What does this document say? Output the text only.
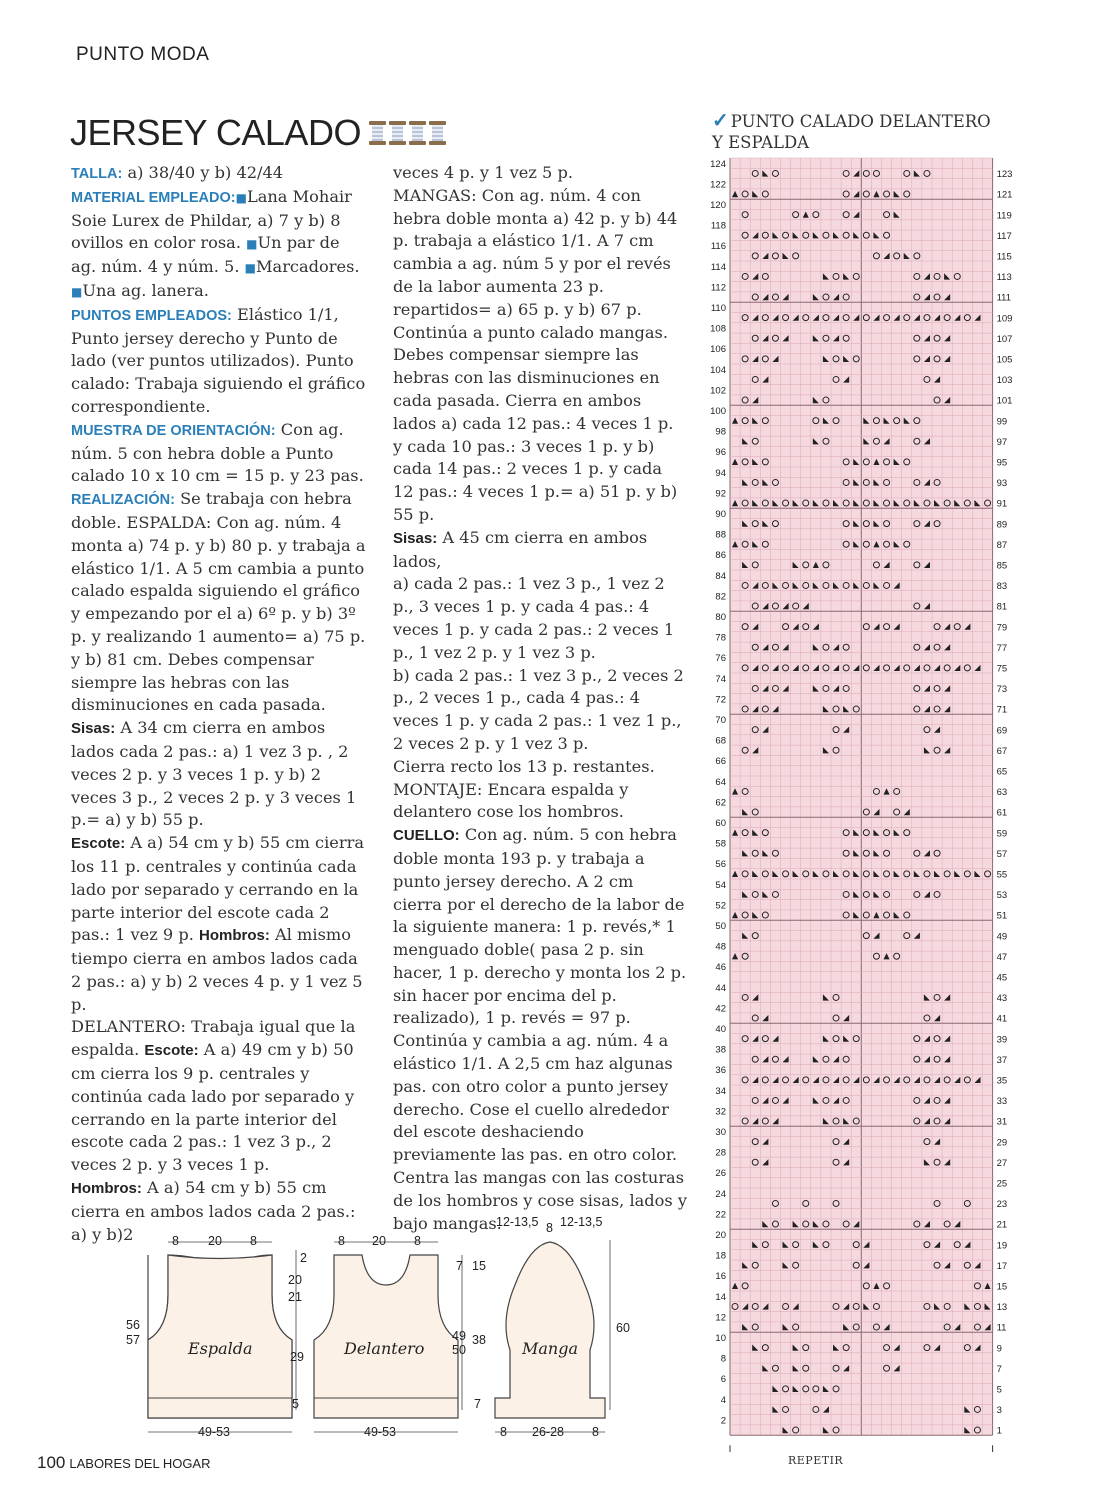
PUNTO MODA
JERSEY CALADO

TALLA: a) 38/40 y b) 42/44

MATERIAL EMPLEADO:■Lana Mohair Soie Lurex de Phildar, a) 7 y b) 8 ovillos en color rosa. ■Un par de ag. núm. 4 y núm. 5. ■Marcadores. ■Una ag. lanera.

PUNTOS EMPLEADOS: Elástico 1/1, Punto jersey derecho y Punto de lado (ver puntos utilizados). Punto calado: Trabaja siguiendo el gráfico correspondiente.

MUESTRA DE ORIENTACIÓN: Con ag. núm. 5 con hebra doble a Punto calado 10 x 10 cm = 15 p. y 23 pas.

REALIZACIÓN: Se trabaja con hebra doble. ESPALDA: Con ag. núm. 4 monta a) 74 p. y b) 80 p. y trabaja a elástico 1/1. A 5 cm cambia a punto calado espalda siguiendo el gráfico y empezando por el a) 6º p. y b) 3º p. y realizando 1 aumento= a) 75 p. y b) 81 cm. Debes compensar siempre las hebras con las disminuciones en cada pasada.

Sisas: A 34 cm cierra en ambos lados cada 2 pas.: a) 1 vez 3 p. , 2 veces 2 p. y 3 veces 1 p. y b) 2 veces 3 p., 2 veces 2 p. y 3 veces 1 p.= a) y b) 55 p.

Escote: A a) 54 cm y b) 55 cm cierra los 11 p. centrales y continúa cada lado por separado y cerrando en la parte interior del escote cada 2 pas.: 1 vez 9 p. Hombros: Al mismo tiempo cierra en ambos lados cada 2 pas.: a) y b) 2 veces 4 p. y 1 vez 5 p.

DELANTERO: Trabaja igual que la espalda. Escote: A a) 49 cm y b) 50 cm cierra los 9 p. centrales y continúa cada lado por separado y cerrando en la parte interior del escote cada 2 pas.: 1 vez 3 p., 2 veces 2 p. y 3 veces 1 p.

Hombros: A a) 54 cm y b) 55 cm cierra en ambos lados cada 2 pas.: a) y b)2

veces 4 p. y 1 vez 5 p.

MANGAS: Con ag. núm. 4 con hebra doble monta a) 42 p. y b) 44 p. trabaja a elástico 1/1. A 7 cm cambia a ag. núm 5 y por el revés de la labor aumenta 23 p. repartidos= a) 65 p. y b) 67 p. Continúa a punto calado mangas. Debes compensar siempre las hebras con las disminuciones en cada pasada. Cierra en ambos lados a) cada 12 pas.: 4 veces 1 p. y cada 10 pas.: 3 veces 1 p. y b) cada 14 pas.: 2 veces 1 p. y cada 12 pas.: 4 veces 1 p.= a) 51 p. y b) 55 p.

Sisas: A 45 cm cierra en ambos lados,

a) cada 2 pas.: 1 vez 3 p., 1 vez 2 p., 3 veces 1 p. y cada 4 pas.: 4 veces 1 p. y cada 2 pas.: 2 veces 1 p., 1 vez 2 p. y 1 vez 3 p.

b) cada 2 pas.: 1 vez 3 p., 2 veces 2 p., 2 veces 1 p., cada 4 pas.: 4 veces 1 p. y cada 2 pas.: 1 vez 1 p., 2 veces 2 p. y 1 vez 3 p.

Cierra recto los 13 p. restantes.

MONTAJE: Encara espalda y delantero cose los hombros.

CUELLO: Con ag. núm. 5 con hebra doble monta 193 p. y trabaja a punto jersey derecho. A 2 cm cierra por el derecho de la labor de la siguiente manera: 1 p. revés,* 1 menguado doble( pasa 2 p. sin hacer, 1 p. derecho y monta los 2 p. sin hacer por encima del p. realizado), 1 p. revés = 97 p. Continúa y cambia a ag. núm. 4 a elástico 1/1. A 2,5 cm haz algunas pas. con otro color a punto jersey derecho. Cose el cuello alrededor del escote deshaciendo previamente las pas. en otro color.

Centra las mangas con las costuras de los hombros y cose sisas, lados y bajo mangas.

✓ PUNTO CALADO DELANTERO
Y ESPALDA
124
122
120
118
116
114
112
110
108
106
104
102
100
98
96
94
92
90
88
86
84
82
80
78
76
74
72
70
68
66
64
62
60
58
56
54
52
50
48
46
44
42
40
38
36
34
32
30
28
26
24
22
20
18
16
14
12
10
8
6
4
2
123
121
119
117
115
113
111
109
107
105
103
101
99
97
95
93
91
89
87
85
83
81
79
77
75
73
71
69
67
65
63
61
59
57
55
53
51
49
47
45
43
41
39
37
35
33
31
29
27
25
23
21
19
17
15
13
11
9
7
5
3
1
REPETIR
8 20 8
2
20
21
29
5
56
57
49-53
Espalda
8 20 8
7 15
49
50
38
7
49-53
Delantero
12-13,5 8 12-13,5
60
8 26-28 8
Manga
100 LABORES DEL HOGAR
